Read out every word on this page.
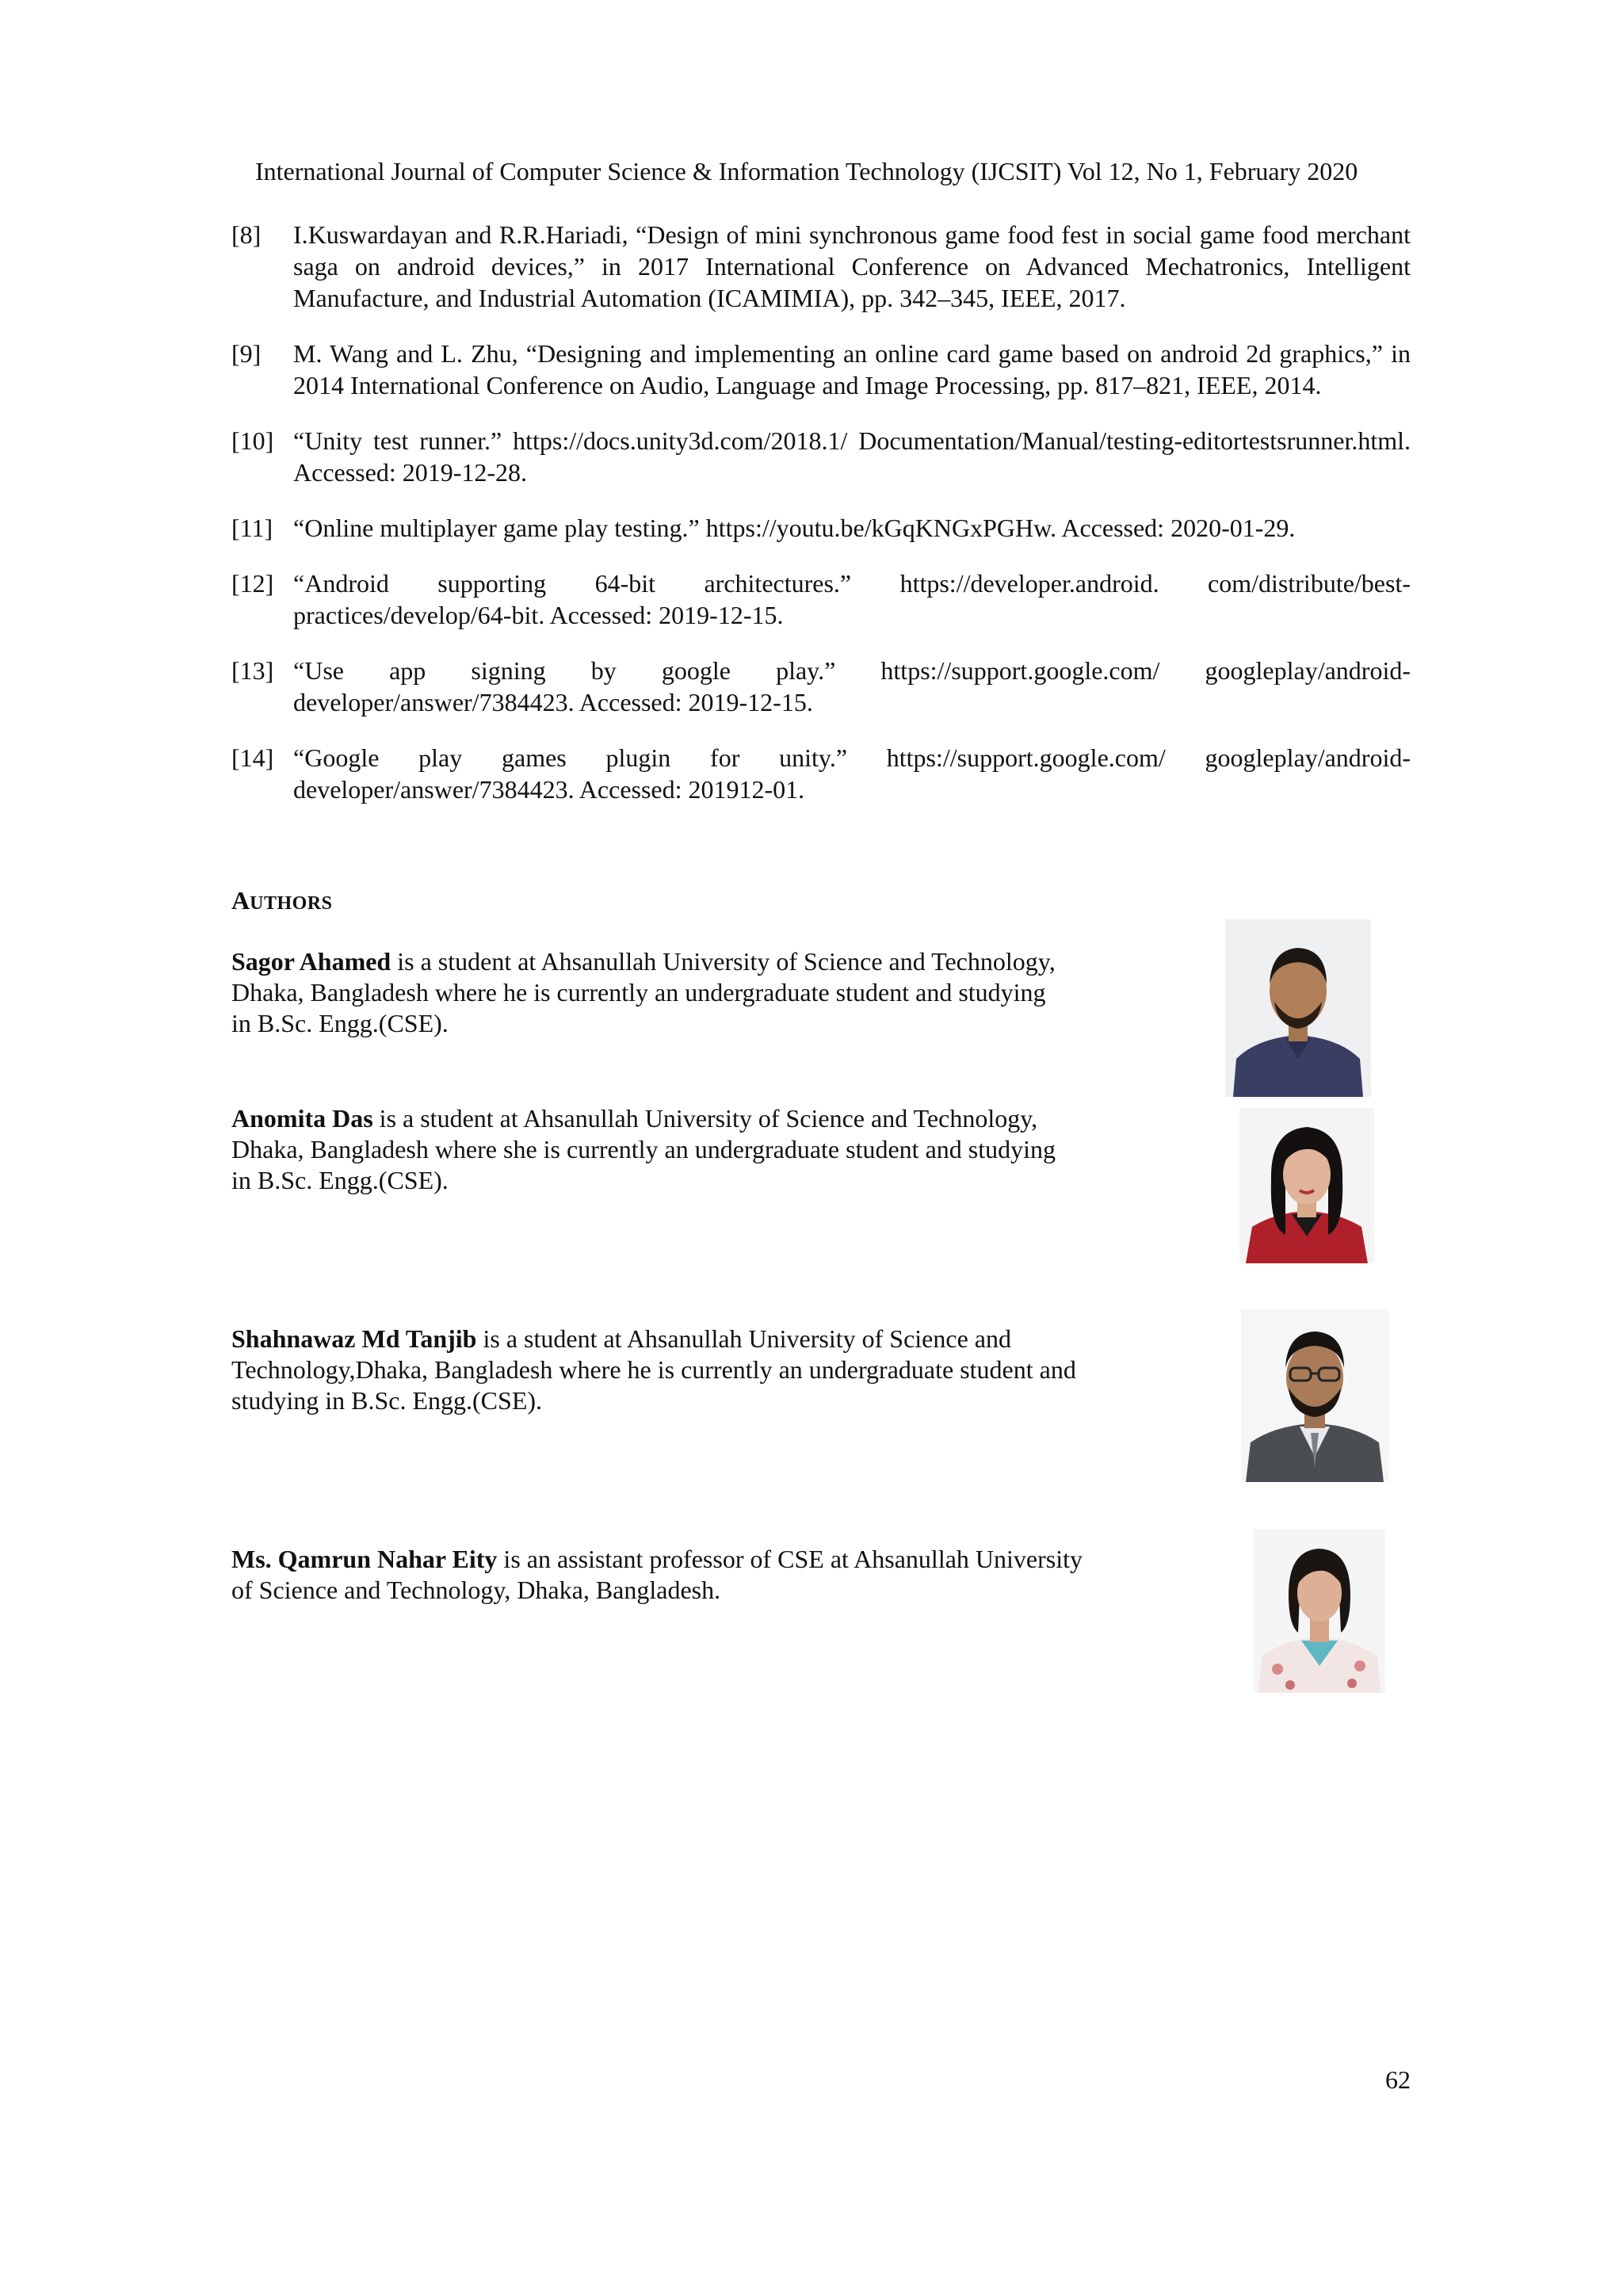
International Journal of Computer Science & Information Technology (IJCSIT) Vol 12, No 1, February 2020
[8] I.Kuswardayan and R.R.Hariadi, “Design of mini synchronous game food fest in social game food merchant saga on android devices,” in 2017 International Conference on Advanced Mechatronics, Intelligent Manufacture, and Industrial Automation (ICAMIMIA), pp. 342–345, IEEE, 2017.
[9] M. Wang and L. Zhu, “Designing and implementing an online card game based on android 2d graphics,” in 2014 International Conference on Audio, Language and Image Processing, pp. 817–821, IEEE, 2014.
[10] “Unity test runner.” https://docs.unity3d.com/2018.1/ Documentation/Manual/testing-editortestsrunner.html. Accessed: 2019-12-28.
[11] “Online multiplayer game play testing.” https://youtu.be/kGqKNGxPGHw. Accessed: 2020-01-29.
[12] “Android supporting 64-bit architectures.” https://developer.android. com/distribute/best-practices/develop/64-bit. Accessed: 2019-12-15.
[13] “Use app signing by google play.” https://support.google.com/ googleplay/android-developer/answer/7384423. Accessed: 2019-12-15.
[14] “Google play games plugin for unity.” https://support.google.com/ googleplay/android-developer/answer/7384423. Accessed: 201912-01.
AUTHORS
Sagor Ahamed is a student at Ahsanullah University of Science and Technology,
Dhaka, Bangladesh where he is currently an undergraduate student and studying
in B.Sc. Engg.(CSE).
Anomita Das is a student at Ahsanullah University of Science and Technology,
Dhaka, Bangladesh where she is currently an undergraduate student and studying
in B.Sc. Engg.(CSE).
Shahnawaz Md Tanjib is a student at Ahsanullah University of Science and
Technology,Dhaka, Bangladesh where he is currently an undergraduate student and
studying in B.Sc. Engg.(CSE).
Ms. Qamrun Nahar Eity is an assistant professor of CSE at Ahsanullah University
of Science and Technology, Dhaka, Bangladesh.
62
